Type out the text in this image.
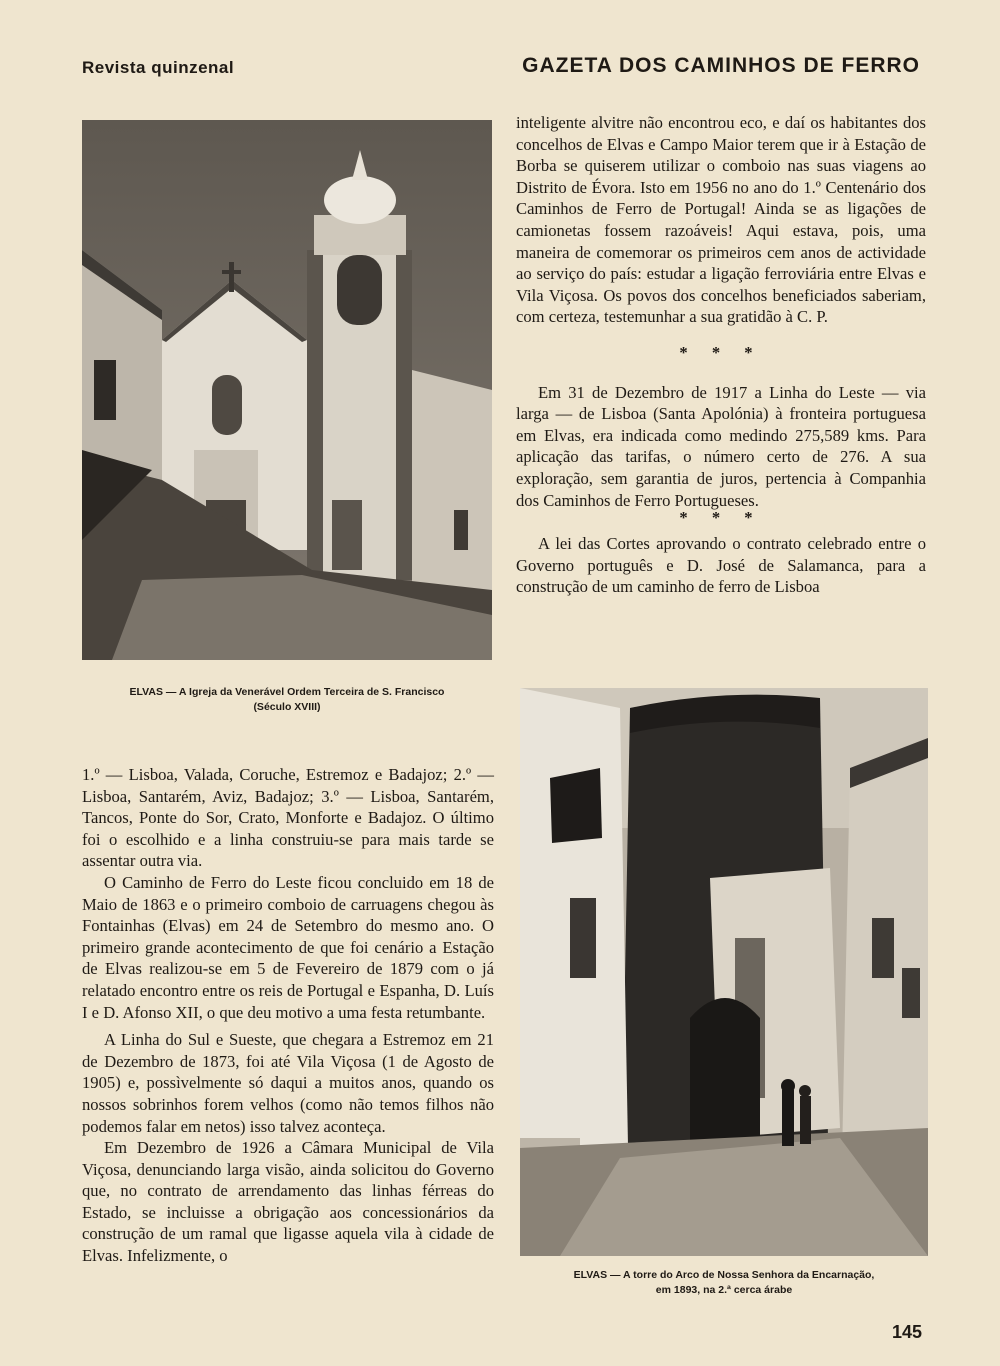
Revista quinzenal	GAZETA DOS CAMINHOS DE FERRO
ELVAS — A Igreja da Venerável Ordem Terceira de S. Francisco
(Século XVIII)

inteligente alvitre não encontrou eco, e daí os habitantes dos concelhos de Elvas e Campo Maior terem que ir à Estação de Borba se quiserem utilizar o comboio nas suas viagens ao Distrito de Évora. Isto em 1956 no ano do 1.º Centenário dos Caminhos de Ferro de Portugal! Ainda se as ligações de camionetas fossem razoáveis! Aqui estava, pois, uma maneira de comemorar os primeiros cem anos de actividade ao serviço do país: estudar a ligação ferroviária entre Elvas e Vila Viçosa. Os povos dos concelhos beneficiados saberiam, com certeza, testemunhar a sua gratidão à C. P.

* * *

Em 31 de Dezembro de 1917 a Linha do Leste — via larga — de Lisboa (Santa Apolónia) à fronteira portuguesa em Elvas, era indicada como medindo 275,589 kms. Para aplicação das tarifas, o número certo de 276. A sua exploração, sem garantia de juros, pertencia à Companhia dos Caminhos de Ferro Portugueses.

* * *

A lei das Cortes aprovando o contrato celebrado entre o Governo português e D. José de Salamanca, para a construção de um caminho de ferro de Lisboa

ELVAS — A torre do Arco de Nossa Senhora da Encarnação,
em 1893, na 2.ª cerca árabe

1.º — Lisboa, Valada, Coruche, Estremoz e Badajoz; 2.º — Lisboa, Santarém, Aviz, Badajoz; 3.º — Lisboa, Santarém, Tancos, Ponte do Sor, Crato, Monforte e Badajoz. O último foi o escolhido e a linha construiu-se para mais tarde se assentar outra via.

O Caminho de Ferro do Leste ficou concluido em 18 de Maio de 1863 e o primeiro comboio de carruagens chegou às Fontainhas (Elvas) em 24 de Setembro do mesmo ano. O primeiro grande acontecimento de que foi cenário a Estação de Elvas realizou-se em 5 de Fevereiro de 1879 com o já relatado encontro entre os reis de Portugal e Espanha, D. Luís I e D. Afonso XII, o que deu motivo a uma festa retumbante.

A Linha do Sul e Sueste, que chegara a Estremoz em 21 de Dezembro de 1873, foi até Vila Viçosa (1 de Agosto de 1905) e, possìvelmente só daqui a muitos anos, quando os nossos sobrinhos forem velhos (como não temos filhos não podemos falar em netos) isso talvez aconteça.

Em Dezembro de 1926 a Câmara Municipal de Vila Viçosa, denunciando larga visão, ainda solicitou do Governo que, no contrato de arrendamento das linhas férreas do Estado, se incluisse a obrigação aos concessionários da construção de um ramal que ligasse aquela vila à cidade de Elvas. Infelizmente, o

145
